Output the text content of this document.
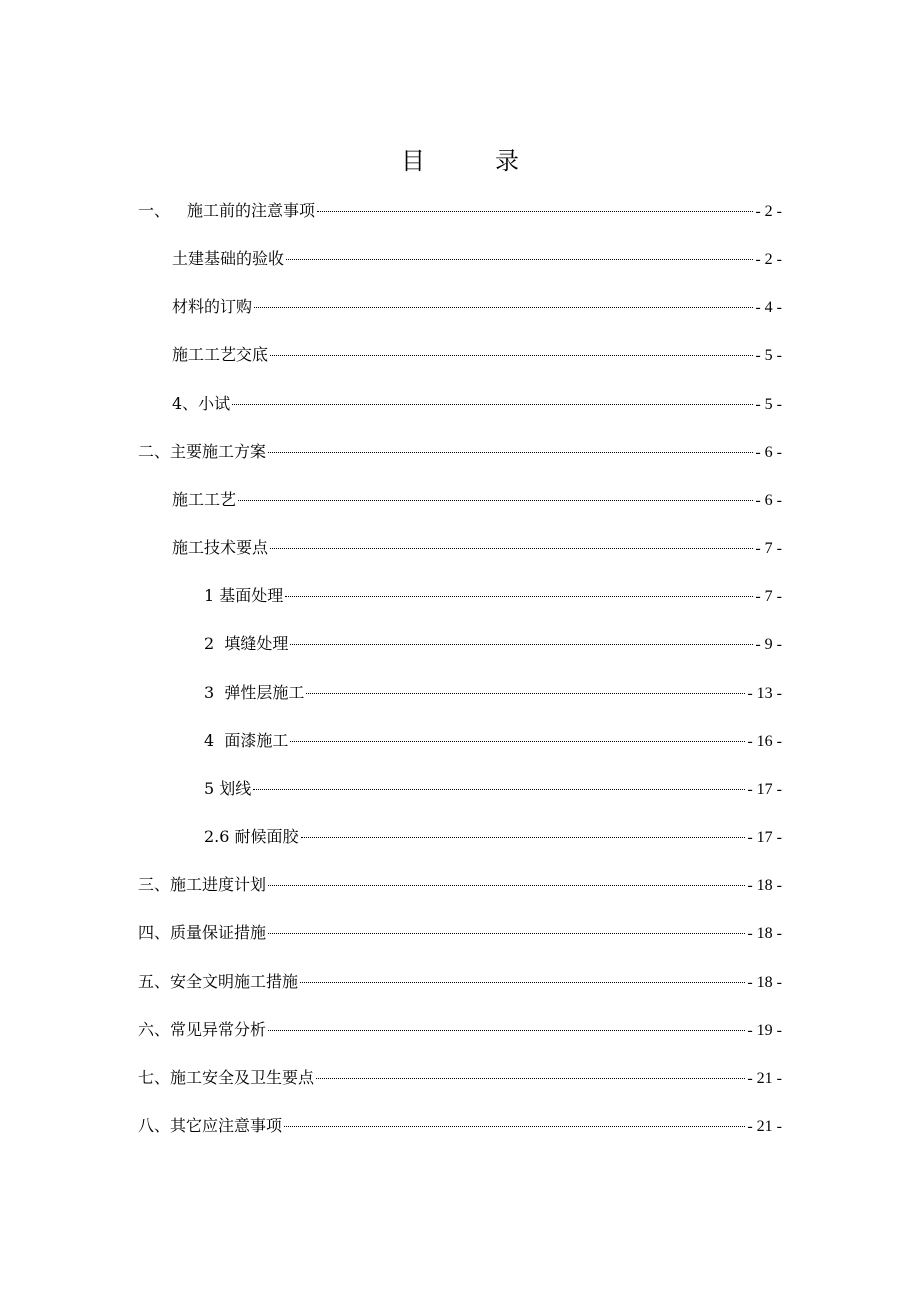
目	录
一、 施工前的注意事项	- 2 -
土建基础的验收	- 2 -
材料的订购	- 4 -
施工工艺交底	- 5 -
4、小试	- 5 -
二、主要施工方案	- 6 -
施工工艺	- 6 -
施工技术要点	- 7 -
1 基面处理	- 7 -
2  填缝处理	- 9 -
3  弹性层施工	- 13 -
4  面漆施工	- 16 -
5 划线	- 17 -
2.6 耐候面胶	- 17 -
三、施工进度计划	- 18 -
四、质量保证措施	- 18 -
五、安全文明施工措施	- 18 -
六、常见异常分析	- 19 -
七、施工安全及卫生要点	- 21 -
八、其它应注意事项	- 21 -
